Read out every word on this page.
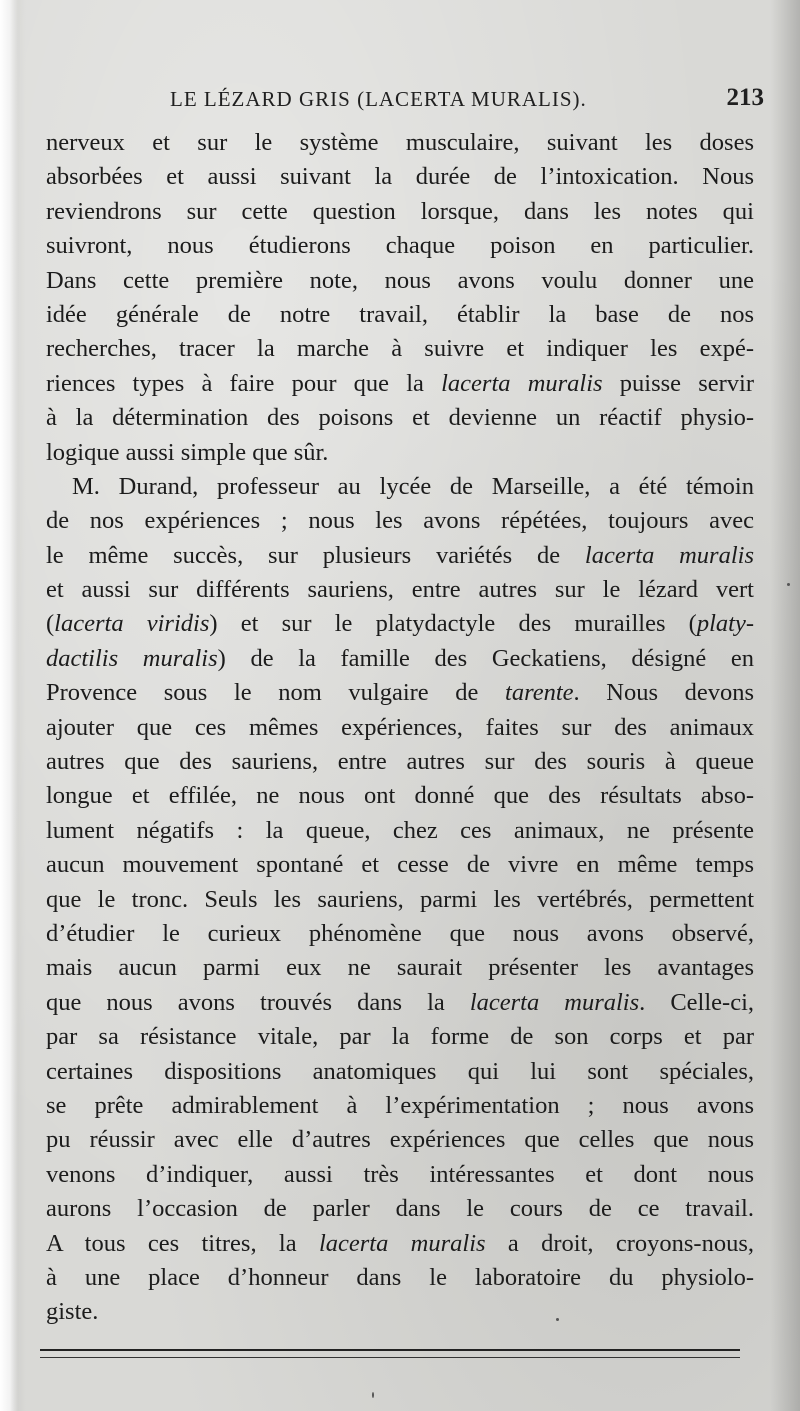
LE LÉZARD GRIS (LACERTA MURALIS).	213
nerveux et sur le système musculaire, suivant les doses
absorbées et aussi suivant la durée de l’intoxication. Nous
reviendrons sur cette question lorsque, dans les notes qui
suivront, nous étudierons chaque poison en particulier.
Dans cette première note, nous avons voulu donner une
idée générale de notre travail, établir la base de nos
recherches, tracer la marche à suivre et indiquer les expé-
riences types à faire pour que la lacerta muralis puisse servir
à la détermination des poisons et devienne un réactif physio-
logique aussi simple que sûr.
M. Durand, professeur au lycée de Marseille, a été témoin
de nos expériences ; nous les avons répétées, toujours avec
le même succès, sur plusieurs variétés de lacerta muralis
et aussi sur différents sauriens, entre autres sur le lézard vert
(lacerta viridis) et sur le platydactyle des murailles (platy-
dactilis muralis) de la famille des Geckatiens, désigné en
Provence sous le nom vulgaire de tarente. Nous devons
ajouter que ces mêmes expériences, faites sur des animaux
autres que des sauriens, entre autres sur des souris à queue
longue et effilée, ne nous ont donné que des résultats abso-
lument négatifs : la queue, chez ces animaux, ne présente
aucun mouvement spontané et cesse de vivre en même temps
que le tronc. Seuls les sauriens, parmi les vertébrés, permettent
d’étudier le curieux phénomène que nous avons observé,
mais aucun parmi eux ne saurait présenter les avantages
que nous avons trouvés dans la lacerta muralis. Celle-ci,
par sa résistance vitale, par la forme de son corps et par
certaines dispositions anatomiques qui lui sont spéciales,
se prête admirablement à l’expérimentation ; nous avons
pu réussir avec elle d’autres expériences que celles que nous
venons d’indiquer, aussi très intéressantes et dont nous
aurons l’occasion de parler dans le cours de ce travail.
A tous ces titres, la lacerta muralis a droit, croyons-nous,
à une place d’honneur dans le laboratoire du physiolo-
giste.
